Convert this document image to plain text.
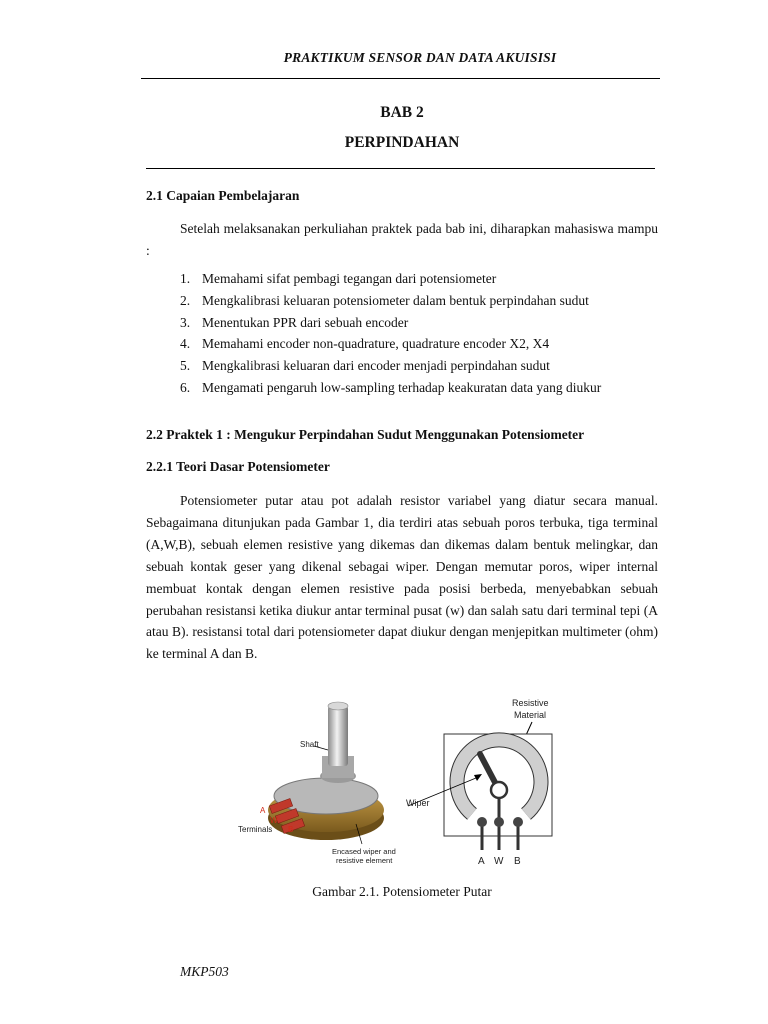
PRAKTIKUM SENSOR DAN DATA AKUISISI
BAB 2
PERPINDAHAN
2.1 Capaian Pembelajaran

Setelah melaksanakan perkuliahan praktek pada bab ini, diharapkan mahasiswa mampu :

1. Memahami sifat pembagi tegangan dari potensiometer
2. Mengkalibrasi keluaran potensiometer dalam bentuk perpindahan sudut
3. Menentukan PPR dari sebuah encoder
4. Memahami encoder non-quadrature, quadrature encoder X2, X4
5. Mengkalibrasi keluaran dari encoder menjadi perpindahan sudut
6. Mengamati pengaruh low-sampling terhadap keakuratan data yang diukur
2.2 Praktek 1 : Mengukur Perpindahan Sudut Menggunakan Potensiometer
2.2.1 Teori Dasar Potensiometer

Potensiometer putar atau pot adalah resistor variabel yang diatur secara manual. Sebagaimana ditunjukan pada Gambar 1, dia terdiri atas sebuah poros terbuka, tiga terminal (A,W,B), sebuah elemen resistive yang dikemas dan dikemas dalam bentuk melingkar, dan sebuah kontak geser yang dikenal sebagai wiper. Dengan memutar poros, wiper internal membuat kontak dengan elemen resistive pada posisi berbeda, menyebabkan sebuah perubahan resistansi ketika diukur antar terminal pusat (w) dan salah satu dari terminal tepi (A atau B). resistansi total dari potensiometer dapat diukur dengan menjepitkan multimeter (ohm) ke terminal A dan B.

Shaft
A
W
B
Terminals
Encased wiper and
resistive element
Resistive
Material
Wiper
A W B
Gambar 2.1. Potensiometer Putar
MKP503
